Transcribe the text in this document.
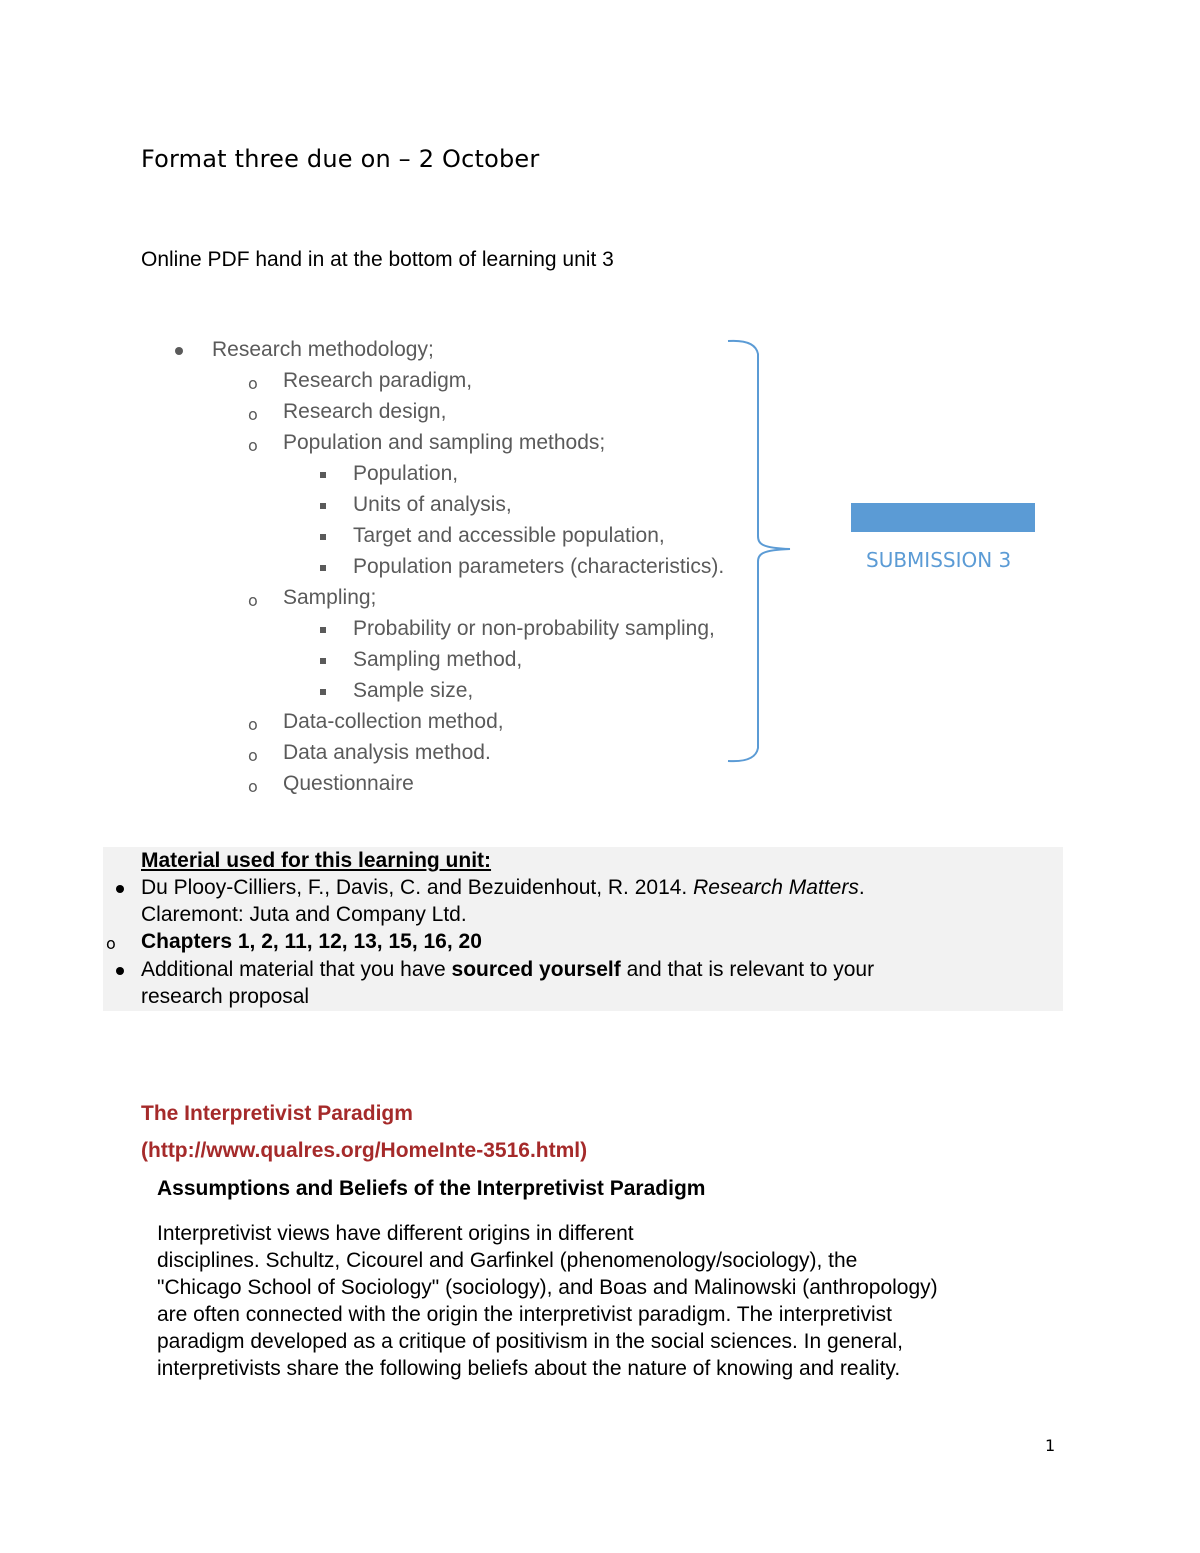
Format three due on – 2 October
Online PDF hand in at the bottom of learning unit 3
Research methodology;
o Research paradigm,
o Research design,
o Population and sampling methods;
Population,
Units of analysis,
Target and accessible population,
Population parameters (characteristics).
o Sampling;
Probability or non-probability sampling,
Sampling method,
Sample size,
o Data-collection method,
o Data analysis method.
o Questionnaire
SUBMISSION 3
Material used for this learning unit:
Du Plooy-Cilliers, F., Davis, C. and Bezuidenhout, R. 2014. Research Matters.
Claremont: Juta and Company Ltd.
o Chapters 1, 2, 11, 12, 13, 15, 16, 20
Additional material that you have sourced yourself and that is relevant to your
research proposal
The Interpretivist Paradigm
(http://www.qualres.org/HomeInte-3516.html)
Assumptions and Beliefs of the Interpretivist Paradigm
Interpretivist views have different origins in different
disciplines. Schultz, Cicourel and Garfinkel (phenomenology/sociology), the
"Chicago School of Sociology" (sociology), and Boas and Malinowski (anthropology)
are often connected with the origin the interpretivist paradigm. The interpretivist
paradigm developed as a critique of positivism in the social sciences. In general,
interpretivists share the following beliefs about the nature of knowing and reality.
1
